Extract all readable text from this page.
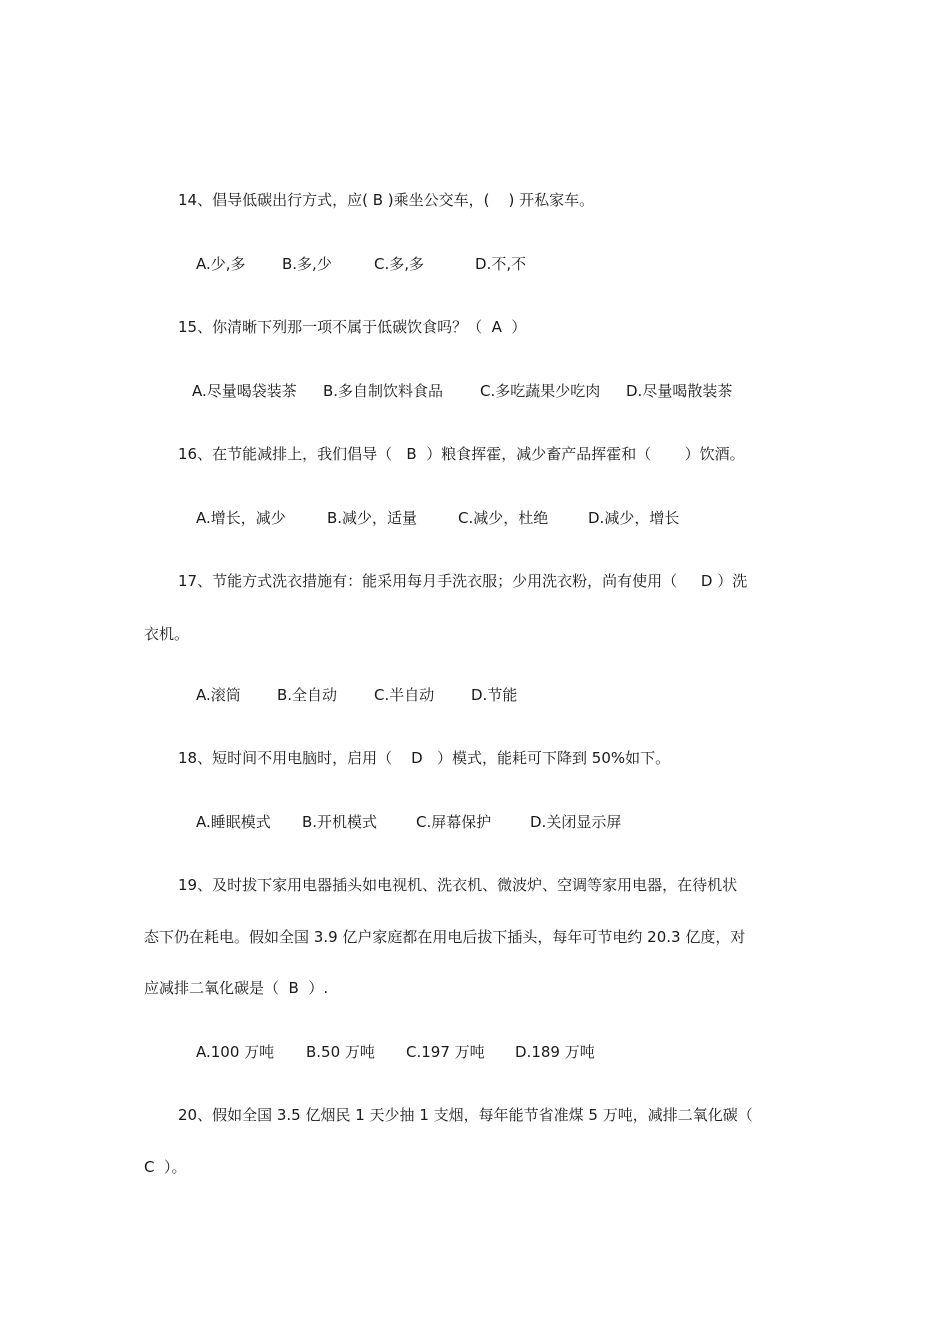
14、倡导低碳出行方式，应( B )乘坐公交车，(    ) 开私家车。
A.少,多 B.多,少	C.多,多	D.不,不
15、你清晰下列那一项不属于低碳饮食吗？（  A  ）
A.尽量喝袋装茶 B.多自制饮料食品 C.多吃蔬果少吃肉 D.尽量喝散装茶
16、在节能减排上，我们倡导（   B  ）粮食挥霍，减少畜产品挥霍和（       ）饮酒。
A.增长，减少	B.减少，适量	C.减少，杜绝	D.减少，增长
17、节能方式洗衣措施有：能采用每月手洗衣服；少用洗衣粉，尚有使用（     D ）洗
衣机。
A.滚筒 B.全自动 C.半自动 D.节能
18、短时间不用电脑时，启用（    D   ）模式，能耗可下降到 50%如下。
A.睡眠模式 B.开机模式	C.屏幕保护	D.关闭显示屏
19、及时拔下家用电器插头如电视机、洗衣机、微波炉、空调等家用电器，在待机状
态下仍在耗电。假如全国 3.9 亿户家庭都在用电后拔下插头，每年可节电约 20.3 亿度，对
应减排二氧化碳是（  B  ）.
A.100 万吨 B.50 万吨 C.197 万吨 D.189 万吨
20、假如全国 3.5 亿烟民 1 天少抽 1 支烟，每年能节省准煤 5 万吨，减排二氧化碳（
C  ）。
